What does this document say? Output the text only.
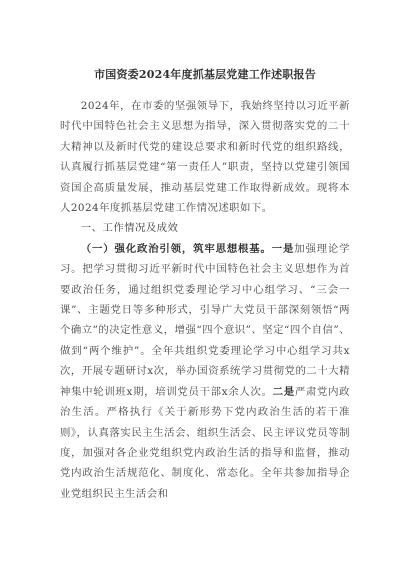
市国资委2024年度抓基层党建工作述职报告

2024年，在市委的坚强领导下，我始终坚持以习近平新时代中国特色社会主义思想为指导，深入贯彻落实党的二十大精神以及新时代党的建设总要求和新时代党的组织路线，认真履行抓基层党建“第一责任人”职责，坚持以党建引领国资国企高质量发展，推动基层党建工作取得新成效。现将本人2024年度抓基层党建工作情况述职如下。

一、工作情况及成效

（一）强化政治引领，筑牢思想根基。一是加强理论学习。把学习贯彻习近平新时代中国特色社会主义思想作为首要政治任务，通过组织党委理论学习中心组学习、“三会一课”、主题党日等多种形式，引导广大党员干部深刻领悟“两个确立”的决定性意义，增强“四个意识”、坚定“四个自信”、做到“两个维护”。全年共组织党委理论学习中心组学习共x次，开展专题研讨x次，举办国资系统学习贯彻党的二十大精神集中轮训班x期，培训党员干部x余人次。二是严肃党内政治生活。严格执行《关于新形势下党内政治生活的若干准则》，认真落实民主生活会、组织生活会、民主评议党员等制度，加强对各企业党组织党内政治生活的指导和监督，推动党内政治生活规范化、制度化、常态化。全年共参加指导企业党组织民主生活会和
